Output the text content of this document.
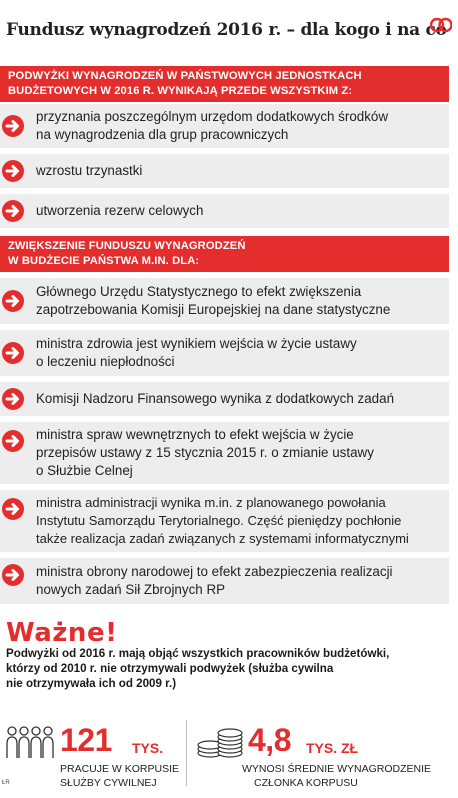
Fundusz wynagrodzeń 2016 r. – dla kogo i na co
PODWYŻKI WYNAGRODZEŃ W PAŃSTWOWYCH JEDNOSTKACH
BUDŻETOWYCH W 2016 R. WYNIKAJĄ PRZEDE WSZYSTKIM Z:
przyznania poszczególnym urzędom dodatkowych środków
na wynagrodzenia dla grup pracowniczych
wzrostu trzynastki
utworzenia rezerw celowych
ZWIĘKSZENIE FUNDUSZU WYNAGRODZEŃ
W BUDŻECIE PAŃSTWA M.IN. DLA:
Głównego Urzędu Statystycznego to efekt zwiększenia
zapotrzebowania Komisji Europejskiej na dane statystyczne
ministra zdrowia jest wynikiem wejścia w życie ustawy
o leczeniu niepłodności
Komisji Nadzoru Finansowego wynika z dodatkowych zadań
ministra spraw wewnętrznych to efekt wejścia w życie
przepisów ustawy z 15 stycznia 2015 r. o zmianie ustawy
o Służbie Celnej
ministra administracji wynika m.in. z planowanego powołania
Instytutu Samorządu Terytorialnego. Część pieniędzy pochłonie
także realizacja zadań związanych z systemami informatycznymi
ministra obrony narodowej to efekt zabezpieczenia realizacji
nowych zadań Sił Zbrojnych RP
Ważne!
Podwyżki od 2016 r. mają objąć wszystkich pracowników budżetówki,
którzy od 2010 r. nie otrzymywali podwyżek (służba cywilna
nie otrzymywała ich od 2009 r.)
121 TYS.
PRACUJE W KORPUSIE
SŁUŻBY CYWILNEJ
4,8 TYS. ZŁ
WYNOSI ŚREDNIE WYNAGRODZENIE
CZŁONKA KORPUSU
ŁR
